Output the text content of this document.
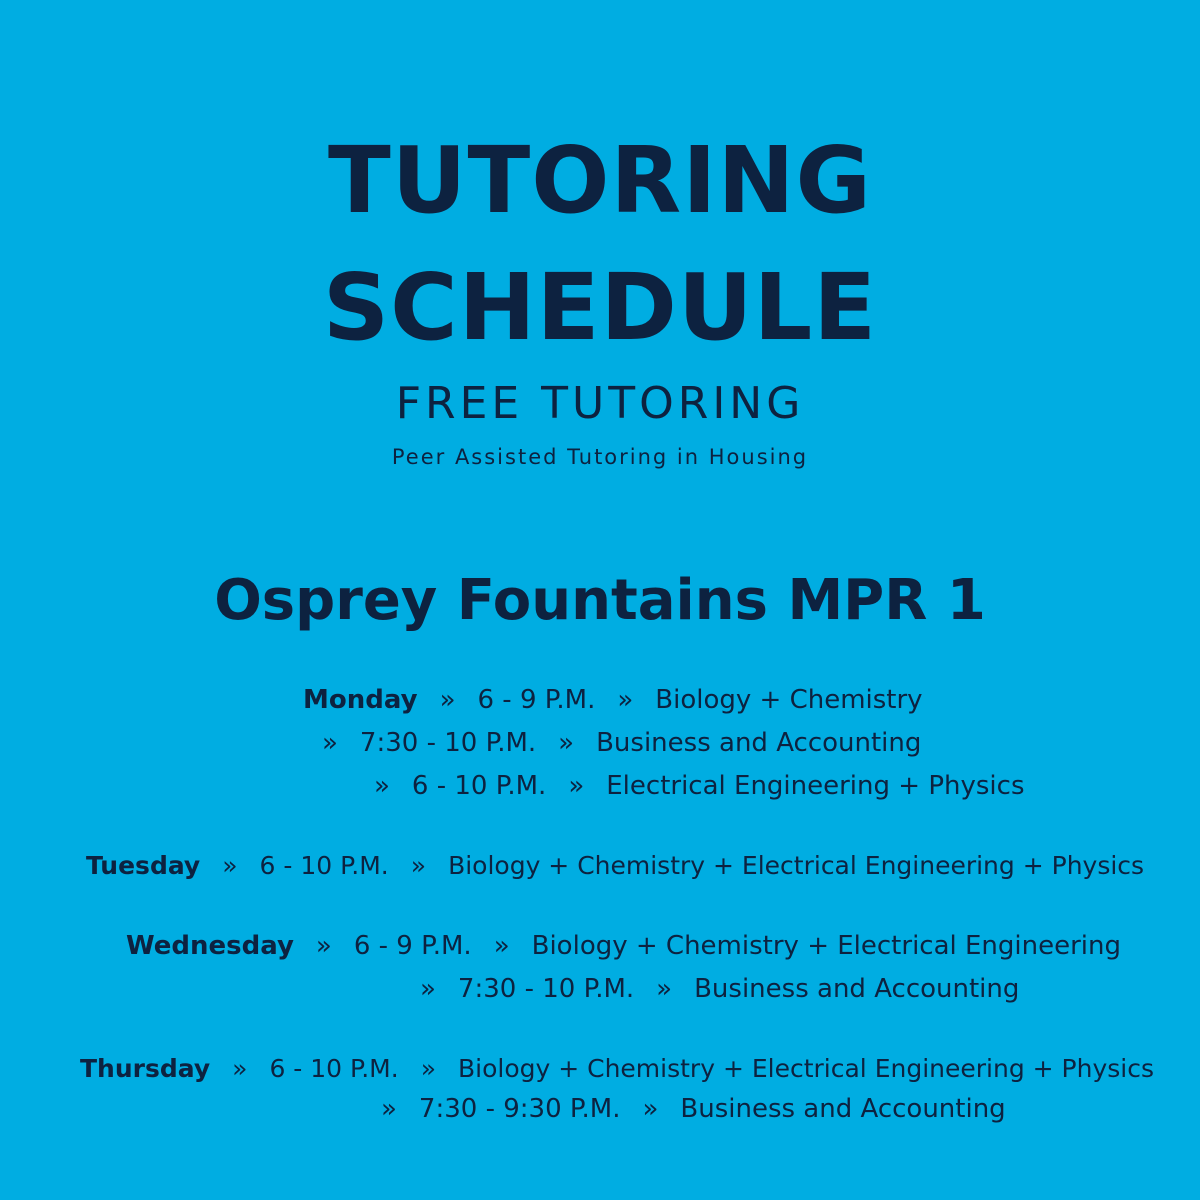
TUTORING
SCHEDULE
FREE TUTORING
Peer Assisted Tutoring in Housing
Osprey Fountains MPR 1
Monday » 6 - 9 P.M. » Biology + Chemistry
» 7:30 - 10 P.M. » Business and Accounting
» 6 - 10 P.M. » Electrical Engineering + Physics
Tuesday » 6 - 10 P.M. » Biology + Chemistry + Electrical Engineering + Physics
Wednesday » 6 - 9 P.M. » Biology + Chemistry + Electrical Engineering
» 7:30 - 10 P.M. » Business and Accounting
Thursday » 6 - 10 P.M. » Biology + Chemistry + Electrical Engineering + Physics
» 7:30 - 9:30 P.M. » Business and Accounting
